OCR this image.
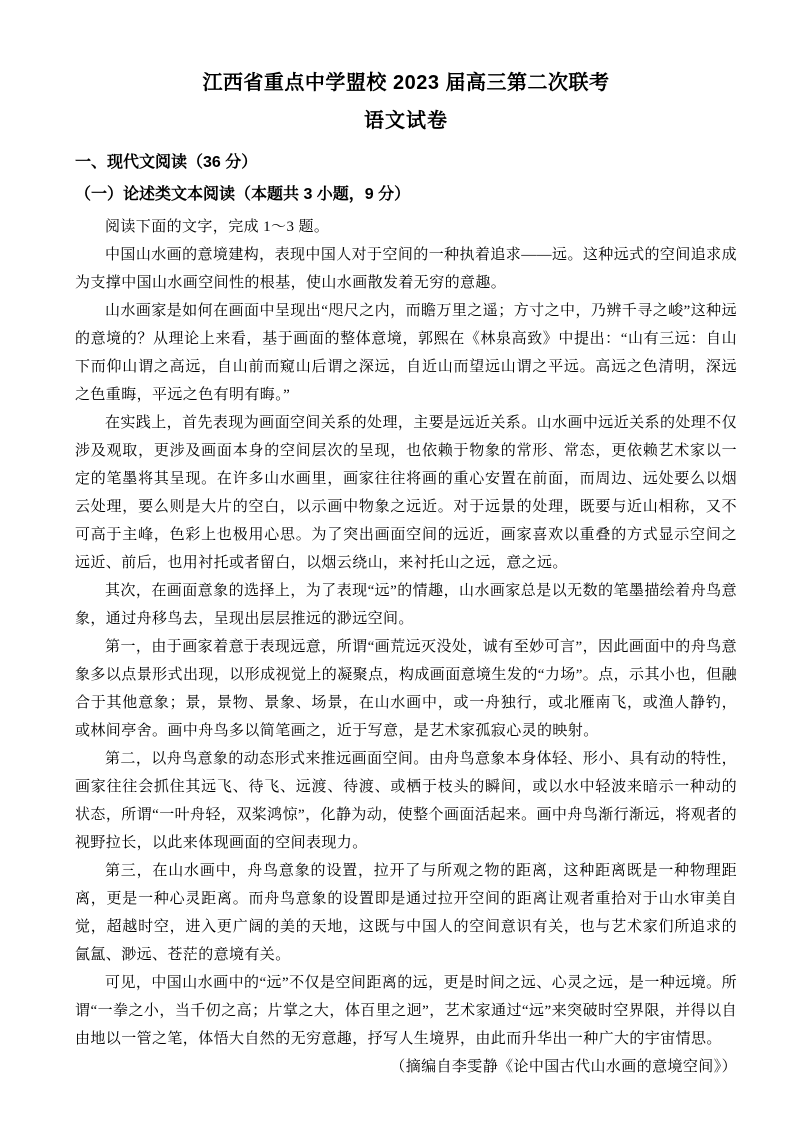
江西省重点中学盟校 2023 届高三第二次联考
语文试卷
一、现代文阅读（36 分）
（一）论述类文本阅读（本题共 3 小题，9 分）

阅读下面的文字，完成 1～3 题。

中国山水画的意境建构，表现中国人对于空间的一种执着追求——远。这种远式的空间追求成为支撑中国山水画空间性的根基，使山水画散发着无穷的意趣。

山水画家是如何在画面中呈现出“咫尺之内，而瞻万里之遥；方寸之中，乃辨千寻之峻”这种远的意境的？从理论上来看，基于画面的整体意境，郭熙在《林泉高致》中提出：“山有三远：自山下而仰山谓之高远，自山前而窥山后谓之深远，自近山而望远山谓之平远。高远之色清明，深远之色重晦，平远之色有明有晦。”

在实践上，首先表现为画面空间关系的处理，主要是远近关系。山水画中远近关系的处理不仅涉及观取，更涉及画面本身的空间层次的呈现，也依赖于物象的常形、常态，更依赖艺术家以一定的笔墨将其呈现。在许多山水画里，画家往往将画的重心安置在前面，而周边、远处要么以烟云处理，要么则是大片的空白，以示画中物象之远近。对于远景的处理，既要与近山相称，又不可高于主峰，色彩上也极用心思。为了突出画面空间的远近，画家喜欢以重叠的方式显示空间之远近、前后，也用衬托或者留白，以烟云绕山，来衬托山之远，意之远。

其次，在画面意象的选择上，为了表现“远”的情趣，山水画家总是以无数的笔墨描绘着舟鸟意象，通过舟移鸟去，呈现出层层推远的渺远空间。

第一，由于画家着意于表现远意，所谓“画荒远灭没处，诚有至妙可言”，因此画面中的舟鸟意象多以点景形式出现，以形成视觉上的凝聚点，构成画面意境生发的“力场”。点，示其小也，但融合于其他意象；景，景物、景象、场景，在山水画中，或一舟独行，或北雁南飞，或渔人静钓，或林间亭舍。画中舟鸟多以简笔画之，近于写意，是艺术家孤寂心灵的映射。

第二，以舟鸟意象的动态形式来推远画面空间。由舟鸟意象本身体轻、形小、具有动的特性，画家往往会抓住其远飞、待飞、远渡、待渡、或栖于枝头的瞬间，或以水中轻波来暗示一种动的状态，所谓“一叶舟轻，双桨鸿惊”，化静为动，使整个画面活起来。画中舟鸟渐行渐远，将观者的视野拉长，以此来体现画面的空间表现力。

第三，在山水画中，舟鸟意象的设置，拉开了与所观之物的距离，这种距离既是一种物理距离，更是一种心灵距离。而舟鸟意象的设置即是通过拉开空间的距离让观者重拾对于山水审美自觉，超越时空，进入更广阔的美的天地，这既与中国人的空间意识有关，也与艺术家们所追求的氤氲、渺远、苍茫的意境有关。

可见，中国山水画中的“远”不仅是空间距离的远，更是时间之远、心灵之远，是一种远境。所谓“一拳之小，当千仞之高；片掌之大，体百里之迥”，艺术家通过“远”来突破时空界限，并得以自由地以一管之笔，体悟大自然的无穷意趣，抒写人生境界，由此而升华出一种广大的宇宙情思。

（摘编自李雯静《论中国古代山水画的意境空间》）
